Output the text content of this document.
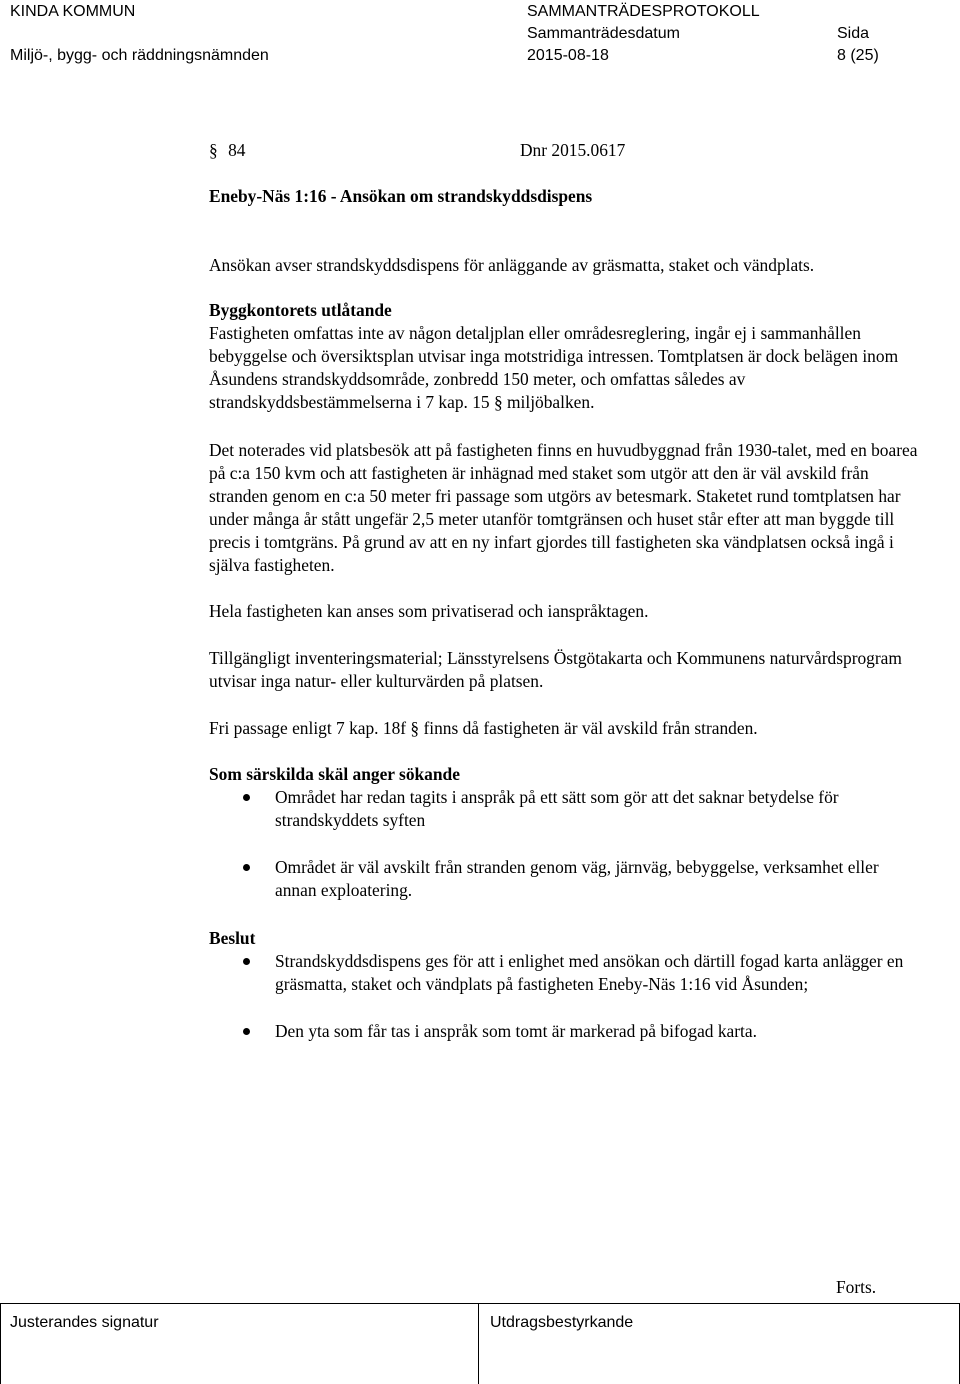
KINDA KOMMUN	SAMMANTRÄDESPROTOKOLL
Sammanträdesdatum	Sida
Miljö-, bygg- och räddningsnämnden	2015-08-18	8 (25)
§ 84	Dnr 2015.0617
Eneby-Näs 1:16 - Ansökan om strandskyddsdispens
Ansökan avser strandskyddsdispens för anläggande av gräsmatta, staket och vändplats.
Byggkontorets utlåtande
Fastigheten omfattas inte av någon detaljplan eller områdesreglering, ingår ej i sammanhållen bebyggelse och översiktsplan utvisar inga motstridiga intressen. Tomtplatsen är dock belägen inom Åsundens strandskyddsområde, zonbredd 150 meter, och omfattas således av strandskyddsbestämmelserna i 7 kap. 15 § miljöbalken.
Det noterades vid platsbesök att på fastigheten finns en huvudbyggnad från 1930-talet, med en boarea på c:a 150 kvm och att fastigheten är inhägnad med staket som utgör att den är väl avskild från stranden genom en c:a 50 meter fri passage som utgörs av betesmark. Staketet rund tomtplatsen har under många år stått ungefär 2,5 meter utanför tomtgränsen och huset står efter att man byggde till precis i tomtgräns. På grund av att en ny infart gjordes till fastigheten ska vändplatsen också ingå i själva fastigheten.
Hela fastigheten kan anses som privatiserad och ianspråktagen.
Tillgängligt inventeringsmaterial; Länsstyrelsens Östgötakarta och Kommunens naturvårdsprogram utvisar inga natur- eller kulturvärden på platsen.
Fri passage enligt 7 kap. 18f § finns då fastigheten är väl avskild från stranden.
Som särskilda skäl anger sökande
Området har redan tagits i anspråk på ett sätt som gör att det saknar betydelse för strandskyddets syften
Området är väl avskilt från stranden genom väg, järnväg, bebyggelse, verksamhet eller annan exploatering.
Beslut
Strandskyddsdispens ges för att i enlighet med ansökan och därtill fogad karta anlägger en gräsmatta, staket och vändplats på fastigheten Eneby-Näs 1:16 vid Åsunden;
Den yta som får tas i anspråk som tomt är markerad på bifogad karta.
Forts.
Justerandes signatur	Utdragsbestyrkande
